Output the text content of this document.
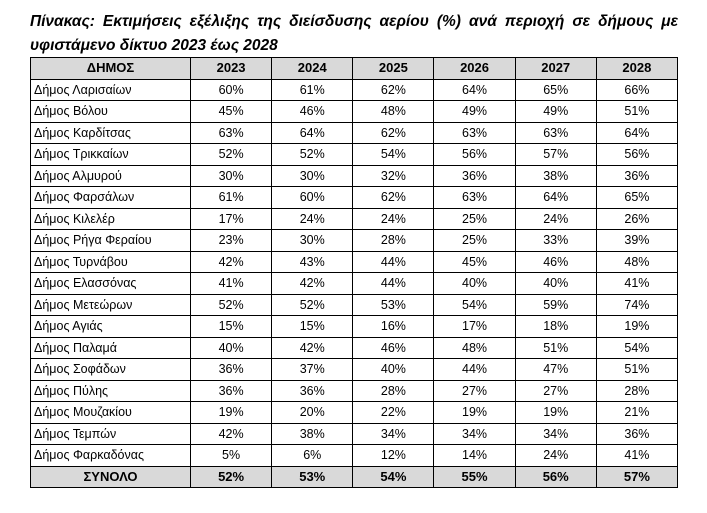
Πίνακας: Εκτιμήσεις εξέλιξης της διείσδυσης αερίου (%) ανά περιοχή σε δήμους με
υφιστάμενο δίκτυο 2023 έως 2028
ΔΗΜΟΣ	2023	2024	2025	2026	2027	2028
Δήμος Λαρισαίων	60%	61%	62%	64%	65%	66%
Δήμος Βόλου	45%	46%	48%	49%	49%	51%
Δήμος Καρδίτσας	63%	64%	62%	63%	63%	64%
Δήμος Τρικκαίων	52%	52%	54%	56%	57%	56%
Δήμος Αλμυρού	30%	30%	32%	36%	38%	36%
Δήμος Φαρσάλων	61%	60%	62%	63%	64%	65%
Δήμος Κιλελέρ	17%	24%	24%	25%	24%	26%
Δήμος Ρήγα Φεραίου	23%	30%	28%	25%	33%	39%
Δήμος Τυρνάβου	42%	43%	44%	45%	46%	48%
Δήμος Ελασσόνας	41%	42%	44%	40%	40%	41%
Δήμος Μετεώρων	52%	52%	53%	54%	59%	74%
Δήμος Αγιάς	15%	15%	16%	17%	18%	19%
Δήμος Παλαμά	40%	42%	46%	48%	51%	54%
Δήμος Σοφάδων	36%	37%	40%	44%	47%	51%
Δήμος Πύλης	36%	36%	28%	27%	27%	28%
Δήμος Μουζακίου	19%	20%	22%	19%	19%	21%
Δήμος Τεμπών	42%	38%	34%	34%	34%	36%
Δήμος Φαρκαδόνας	5%	6%	12%	14%	24%	41%
ΣΥΝΟΛΟ	52%	53%	54%	55%	56%	57%
